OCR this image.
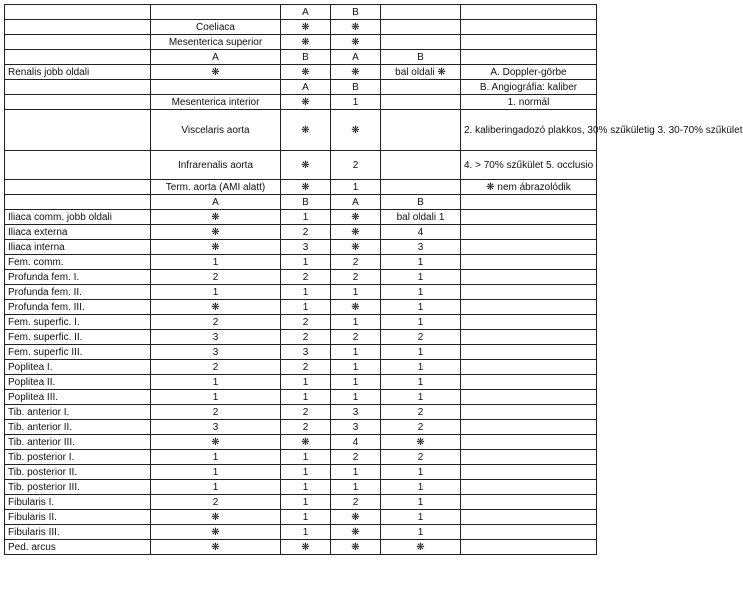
		A	B		
	Coeliaca	❋	❋		
	Mesenterica superior	❋	❋		
	A	B	A	B	
Renalis jobb oldali	❋	❋	❋	bal oldali ❋	A. Doppler-görbe
		A	B		B. Angiográfia: kaliber
	Mesenterica interior	❋	1		1. normál
	Viscelaris aorta	❋	❋		2. kaliberingadozó plakkos, 30% szűkületig 3. 30-70% szűkület
	Infrarenalis aorta	❋	2		4. > 70% szűkület 5. occlusio
	Term. aorta (AMI alatt)	❋	1		❋ nem ábrazolódik
	A	B	A	B	
Iliaca comm. jobb oldali	❋	1	❋	bal oldali 1	
Iliaca externa	❋	2	❋	4	
Iliaca interna	❋	3	❋	3	
Fem. comm.	1	1	2	1	
Profunda fem. I.	2	2	2	1	
Profunda fem. II.	1	1	1	1	
Profunda fem. III.	❋	1	❋	1	
Fem. superfic. I.	2	2	1	1	
Fem. superfic. II.	3	2	2	2	
Fem. superfic III.	3	3	1	1	
Poplitea I.	2	2	1	1	
Poplitea II.	1	1	1	1	
Poplitea III.	1	1	1	1	
Tib. anterior I.	2	2	3	2	
Tib. anterior II.	3	2	3	2	
Tib. anterior III.	❋	❋	4	❋	
Tib. posterior I.	1	1	2	2	
Tib. posterior II.	1	1	1	1	
Tib. posterior III.	1	1	1	1	
Fibularis I.	2	1	2	1	
Fibularis II.	❋	1	❋	1	
Fibularis III.	❋	1	❋	1	
Ped. arcus	❋	❋	❋	❋	
